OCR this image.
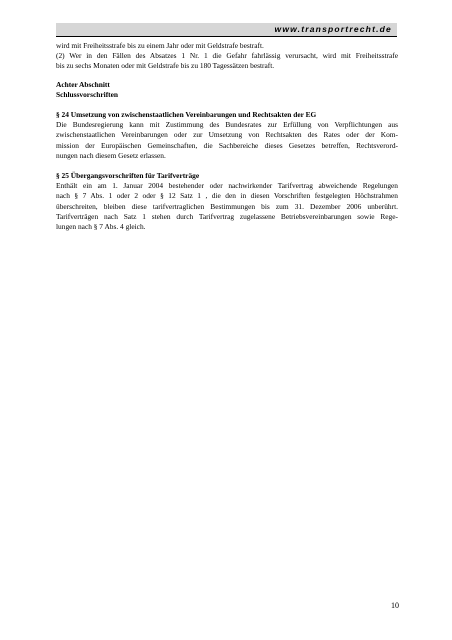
www.transportrecht.de
wird mit Freiheitsstrafe bis zu einem Jahr oder mit Geldstrafe bestraft.
(2) Wer in den Fällen des Absatzes 1 Nr. 1 die Gefahr fahrlässig verursacht, wird mit Freiheitsstrafe
bis zu sechs Monaten oder mit Geldstrafe bis zu 180 Tagessätzen bestraft.

Achter Abschnitt

Schlussvorschriften

§ 24 Umsetzung von zwischenstaatlichen Vereinbarungen und Rechtsakten der EG

Die Bundesregierung kann mit Zustimmung des Bundesrates zur Erfüllung von Verpflichtungen aus
zwischenstaatlichen Vereinbarungen oder zur Umsetzung von Rechtsakten des Rates oder der Kom-
mission der Europäischen Gemeinschaften, die Sachbereiche dieses Gesetzes betreffen, Rechtsverord-
nungen nach diesem Gesetz erlassen.

§ 25 Übergangsvorschriften für Tarifverträge

Enthält ein am 1. Januar 2004 bestehender oder nachwirkender Tarifvertrag abweichende Regelungen
nach § 7 Abs. 1 oder 2 oder § 12 Satz 1 , die den in diesen Vorschriften festgelegten Höchstrahmen
überschreiten, bleiben diese tarifvertraglichen Bestimmungen bis zum 31. Dezember 2006 unberührt.
Tarifverträgen nach Satz 1 stehen durch Tarifvertrag zugelassene Betriebsvereinbarungen sowie Rege-
lungen nach § 7 Abs. 4 gleich.
10
